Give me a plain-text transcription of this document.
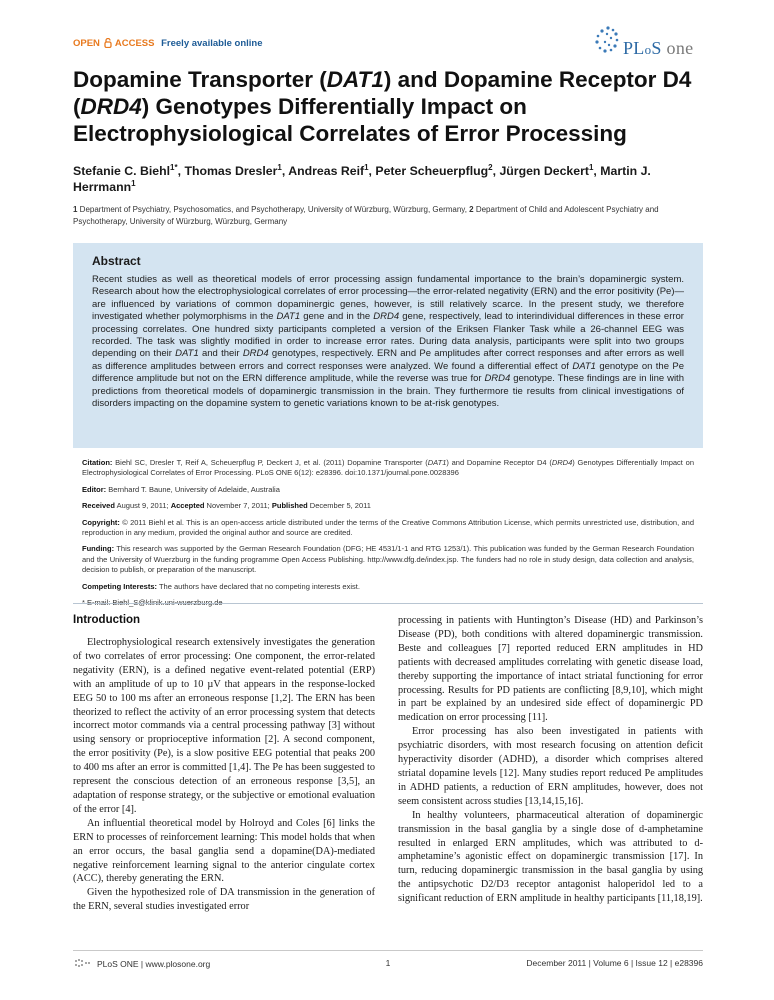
OPEN ACCESS Freely available online	PLoS one
Dopamine Transporter (DAT1) and Dopamine Receptor D4 (DRD4) Genotypes Differentially Impact on Electrophysiological Correlates of Error Processing
Stefanie C. Biehl$^{1*}$, Thomas Dresler$^1$, Andreas Reif$^1$, Peter Scheuerpflug$^2$, Jürgen Deckert$^1$, Martin J. Herrmann$^1$
1 Department of Psychiatry, Psychosomatics, and Psychotherapy, University of Würzburg, Würzburg, Germany, 2 Department of Child and Adolescent Psychiatry and Psychotherapy, University of Würzburg, Würzburg, Germany
Abstract
Recent studies as well as theoretical models of error processing assign fundamental importance to the brain’s dopaminergic system. Research about how the electrophysiological correlates of error processing—the error-related negativity (ERN) and the error positivity (Pe)—are influenced by variations of common dopaminergic genes, however, is still relatively scarce. In the present study, we therefore investigated whether polymorphisms in the DAT1 gene and in the DRD4 gene, respectively, lead to interindividual differences in these error processing correlates. One hundred sixty participants completed a version of the Eriksen Flanker Task while a 26-channel EEG was recorded. The task was slightly modified in order to increase error rates. During data analysis, participants were split into two groups depending on their DAT1 and their DRD4 genotypes, respectively. ERN and Pe amplitudes after correct responses and after errors as well as difference amplitudes between errors and correct responses were analyzed. We found a differential effect of DAT1 genotype on the Pe difference amplitude but not on the ERN difference amplitude, while the reverse was true for DRD4 genotype. These findings are in line with predictions from theoretical models of dopaminergic transmission in the brain. They furthermore tie results from clinical investigations of disorders impacting on the dopamine system to genetic variations known to be at-risk genotypes.

Citation: Biehl SC, Dresler T, Reif A, Scheuerpflug P, Deckert J, et al. (2011) Dopamine Transporter (DAT1) and Dopamine Receptor D4 (DRD4) Genotypes Differentially Impact on Electrophysiological Correlates of Error Processing. PLoS ONE 6(12): e28396. doi:10.1371/journal.pone.0028396

Editor: Bernhard T. Baune, University of Adelaide, Australia

Received August 9, 2011; Accepted November 7, 2011; Published December 5, 2011

Copyright: © 2011 Biehl et al. This is an open-access article distributed under the terms of the Creative Commons Attribution License, which permits unrestricted use, distribution, and reproduction in any medium, provided the original author and source are credited.

Funding: This research was supported by the German Research Foundation (DFG; HE 4531/1-1 and RTG 1253/1). This publication was funded by the German Research Foundation and the University of Wuerzburg in the funding programme Open Access Publishing. http://www.dfg.de/index.jsp. The funders had no role in study design, data collection and analysis, decision to publish, or preparation of the manuscript.

Competing Interests: The authors have declared that no competing interests exist.

Introduction

Electrophysiological research extensively investigates the generation of two correlates of error processing: One component, the error-related negativity (ERN), is a defined negative event-related potential (ERP) with an amplitude of up to 10 µV that appears in the response-locked EEG 50 to 100 ms after an erroneous response [1,2]. The ERN has been theorized to reflect the activity of an error processing system that detects incorrect motor commands via a central processing pathway [3] without using sensory or proprioceptive information [2]. A second component, the error positivity (Pe), is a slow positive EEG potential that peaks 200 to 400 ms after an error is committed [1,4]. The Pe has been suggested to represent the conscious detection of an erroneous response [3,5], an adaptation of response strategy, or the subjective or emotional evaluation of the error [4].

An influential theoretical model by Holroyd and Coles [6] links the ERN to processes of reinforcement learning: This model holds that when an error occurs, the basal ganglia send a dopamine(DA)-mediated negative reinforcement learning signal to the anterior cingulate cortex (ACC), thereby generating the ERN.

Given the hypothesized role of DA transmission in the generation of the ERN, several studies investigated error

processing in patients with Huntington’s Disease (HD) and Parkinson’s Disease (PD), both conditions with altered dopaminergic transmission. Beste and colleagues [7] reported reduced ERN amplitudes in HD patients with decreased amplitudes correlating with genetic disease load, thereby supporting the importance of intact striatal functioning for error processing. Results for PD patients are conflicting [8,9,10], which might in part be explained by an undesired side effect of dopaminergic PD medication on error processing [11].

Error processing has also been investigated in patients with psychiatric disorders, with most research focusing on attention deficit hyperactivity disorder (ADHD), a disorder which comprises altered striatal dopamine levels [12]. Many studies report reduced Pe amplitudes in ADHD patients, a reduction of ERN amplitudes, however, does not seem consistent across studies [13,14,15,16].

In healthy volunteers, pharmaceutical alteration of dopaminergic transmission in the basal ganglia by a single dose of d-amphetamine resulted in enlarged ERN amplitudes, which was attributed to d-amphetamine’s agonistic effect on dopaminergic transmission [17]. In turn, reducing dopaminergic transmission in the basal ganglia by using the antipsychotic D2/D3 receptor antagonist haloperidol led to a significant reduction of ERN amplitude in healthy participants [11,18,19].

PLoS ONE | www.plosone.org	1	December 2011 | Volume 6 | Issue 12 | e28396
